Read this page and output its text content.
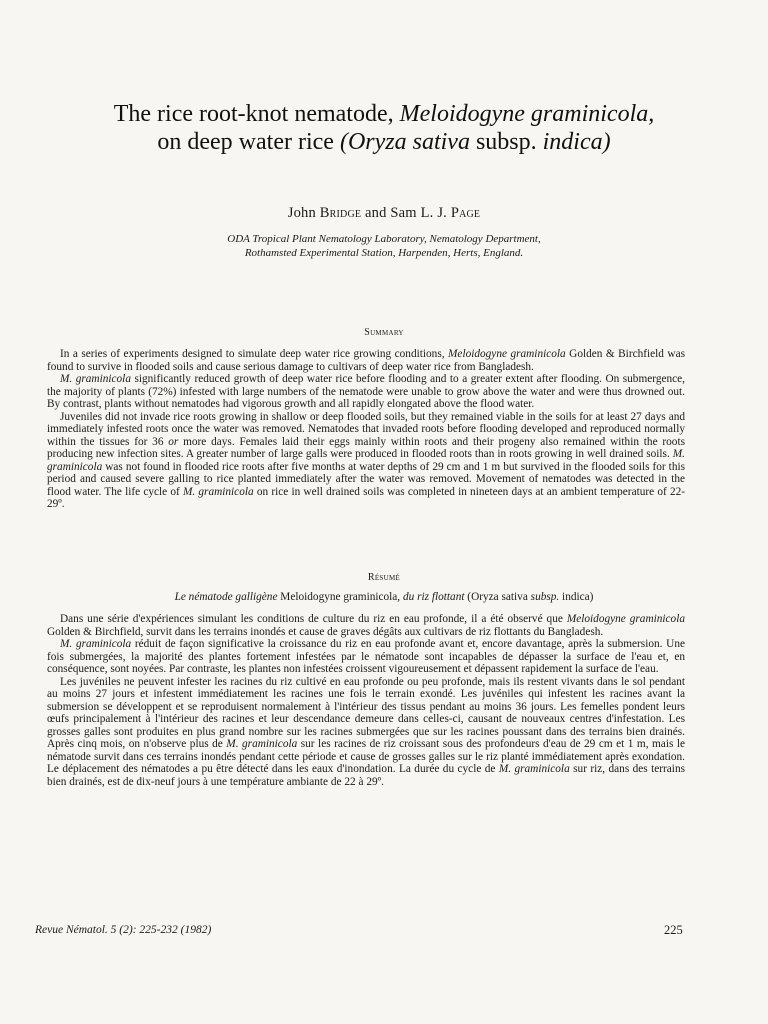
The rice root-knot nematode, Meloidogyne graminicola,
on deep water rice (Oryza sativa subsp. indica)
John Bridge and Sam L. J. Page
ODA Tropical Plant Nematology Laboratory, Nematology Department,
Rothamsted Experimental Station, Harpenden, Herts, England.
Summary

In a series of experiments designed to simulate deep water rice growing conditions, Meloidogyne graminicola Golden & Birchfield was found to survive in flooded soils and cause serious damage to cultivars of deep water rice from Bangladesh.

M. graminicola significantly reduced growth of deep water rice before flooding and to a greater extent after flooding. On submergence, the majority of plants (72%) infested with large numbers of the nematode were unable to grow above the water and were thus drowned out. By contrast, plants without nematodes had vigorous growth and all rapidly elongated above the flood water.

Juveniles did not invade rice roots growing in shallow or deep flooded soils, but they remained viable in the soils for at least 27 days and immediately infested roots once the water was removed. Nematodes that invaded roots before flooding developed and reproduced normally within the tissues for 36 or more days. Females laid their eggs mainly within roots and their progeny also remained within the roots producing new infection sites. A greater number of large galls were produced in flooded roots than in roots growing in well drained soils. M. graminicola was not found in flooded rice roots after five months at water depths of 29 cm and 1 m but survived in the flooded soils for this period and caused severe galling to rice planted immediately after the water was removed. Movement of nematodes was detected in the flood water. The life cycle of M. graminicola on rice in well drained soils was completed in nineteen days at an ambient temperature of 22-29º.

Résumé
Le nématode galligène Meloidogyne graminicola, du riz flottant (Oryza sativa subsp. indica)

Dans une série d'expériences simulant les conditions de culture du riz en eau profonde, il a été observé que Meloidogyne graminicola Golden & Birchfield, survit dans les terrains inondés et cause de graves dégâts aux cultivars de riz flottants du Bangladesh.

M. graminicola réduit de façon significative la croissance du riz en eau profonde avant et, encore davantage, après la submersion. Une fois submergées, la majorité des plantes fortement infestées par le nématode sont incapables de dépasser la surface de l'eau et, en conséquence, sont noyées. Par contraste, les plantes non infestées croissent vigoureusement et dépassent rapidement la surface de l'eau.

Les juvéniles ne peuvent infester les racines du riz cultivé en eau profonde ou peu profonde, mais ils restent vivants dans le sol pendant au moins 27 jours et infestent immédiatement les racines une fois le terrain exondé. Les juvéniles qui infestent les racines avant la submersion se développent et se reproduisent normalement à l'intérieur des tissus pendant au moins 36 jours. Les femelles pondent leurs œufs principalement à l'intérieur des racines et leur descendance demeure dans celles-ci, causant de nouveaux centres d'infestation. Les grosses galles sont produites en plus grand nombre sur les racines submergées que sur les racines poussant dans des terrains bien drainés. Après cinq mois, on n'observe plus de M. graminicola sur les racines de riz croissant sous des profondeurs d'eau de 29 cm et 1 m, mais le nématode survit dans ces terrains inondés pendant cette période et cause de grosses galles sur le riz planté immédiatement après exondation. Le déplacement des nématodes a pu être détecté dans les eaux d'inondation. La durée du cycle de M. graminicola sur riz, dans des terrains bien drainés, est de dix-neuf jours à une température ambiante de 22 à 29º.

Revue Nématol. 5 (2): 225-232 (1982)	225
